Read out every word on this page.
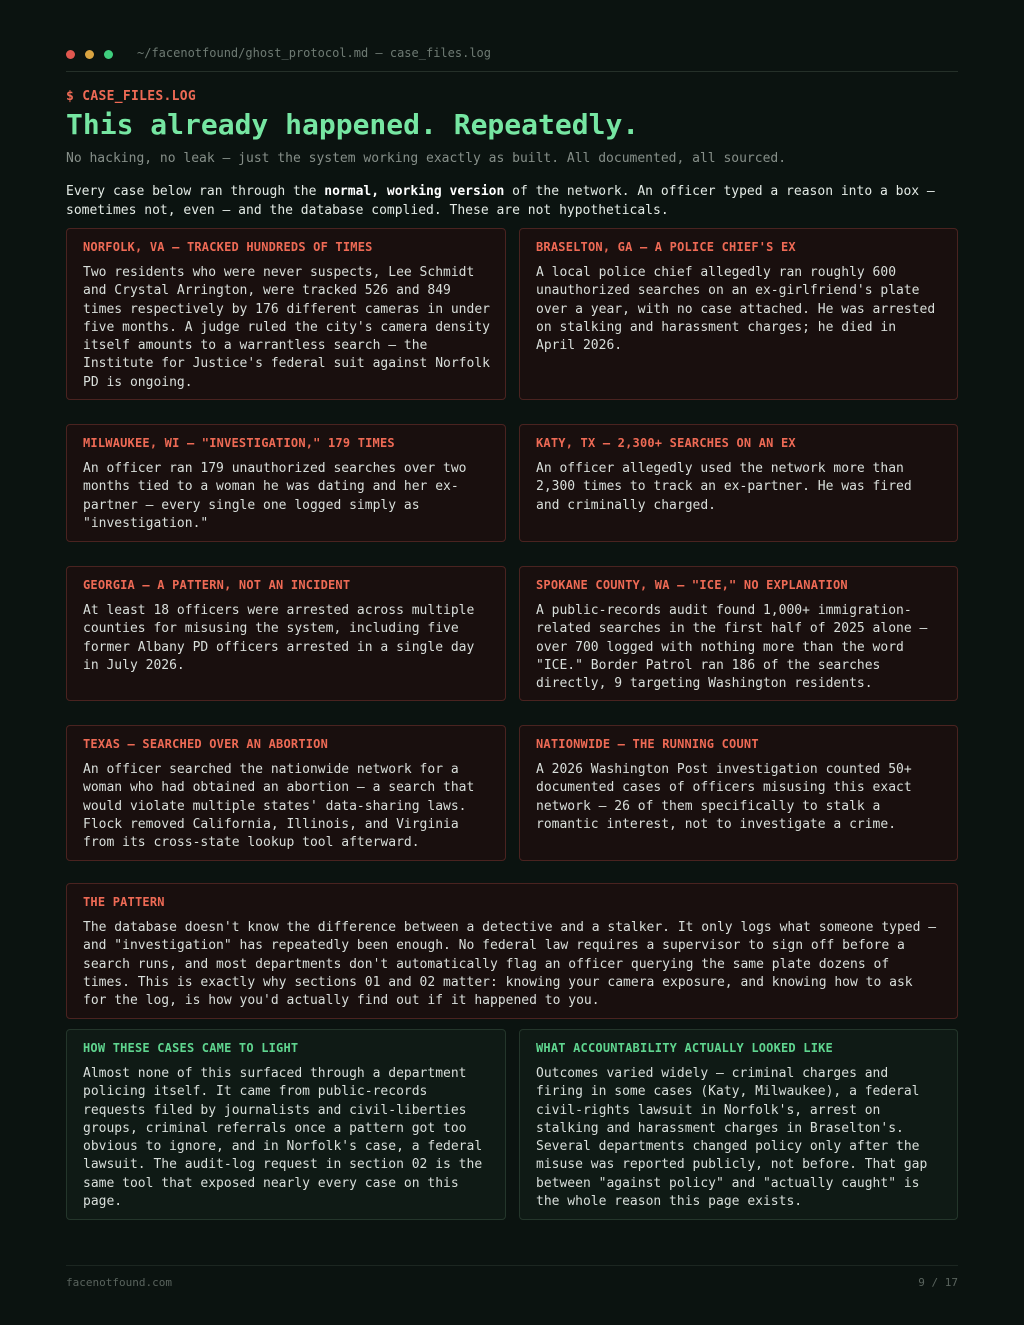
~/facenotfound/ghost_protocol.md — case_files.log
$ CASE_FILES.LOG
This already happened. Repeatedly.
No hacking, no leak — just the system working exactly as built. All documented, all sourced.
Every case below ran through the normal, working version of the network. An officer typed a reason into a box — sometimes not, even — and the database complied. These are not hypotheticals.
NORFOLK, VA — TRACKED HUNDREDS OF TIMES
Two residents who were never suspects, Lee Schmidt and Crystal Arrington, were tracked 526 and 849 times respectively by 176 different cameras in under five months. A judge ruled the city's camera density itself amounts to a warrantless search — the Institute for Justice's federal suit against Norfolk PD is ongoing.
BRASELTON, GA — A POLICE CHIEF'S EX
A local police chief allegedly ran roughly 600 unauthorized searches on an ex-girlfriend's plate over a year, with no case attached. He was arrested on stalking and harassment charges; he died in April 2026.
MILWAUKEE, WI — "INVESTIGATION," 179 TIMES
An officer ran 179 unauthorized searches over two months tied to a woman he was dating and her ex-partner — every single one logged simply as "investigation."
KATY, TX — 2,300+ SEARCHES ON AN EX
An officer allegedly used the network more than 2,300 times to track an ex-partner. He was fired and criminally charged.
GEORGIA — A PATTERN, NOT AN INCIDENT
At least 18 officers were arrested across multiple counties for misusing the system, including five former Albany PD officers arrested in a single day in July 2026.
SPOKANE COUNTY, WA — "ICE," NO EXPLANATION
A public-records audit found 1,000+ immigration-related searches in the first half of 2025 alone — over 700 logged with nothing more than the word "ICE." Border Patrol ran 186 of the searches directly, 9 targeting Washington residents.
TEXAS — SEARCHED OVER AN ABORTION
An officer searched the nationwide network for a woman who had obtained an abortion — a search that would violate multiple states' data-sharing laws. Flock removed California, Illinois, and Virginia from its cross-state lookup tool afterward.
NATIONWIDE — THE RUNNING COUNT
A 2026 Washington Post investigation counted 50+ documented cases of officers misusing this exact network — 26 of them specifically to stalk a romantic interest, not to investigate a crime.
THE PATTERN
The database doesn't know the difference between a detective and a stalker. It only logs what someone typed — and "investigation" has repeatedly been enough. No federal law requires a supervisor to sign off before a search runs, and most departments don't automatically flag an officer querying the same plate dozens of times. This is exactly why sections 01 and 02 matter: knowing your camera exposure, and knowing how to ask for the log, is how you'd actually find out if it happened to you.
HOW THESE CASES CAME TO LIGHT
Almost none of this surfaced through a department policing itself. It came from public-records requests filed by journalists and civil-liberties groups, criminal referrals once a pattern got too obvious to ignore, and in Norfolk's case, a federal lawsuit. The audit-log request in section 02 is the same tool that exposed nearly every case on this page.
WHAT ACCOUNTABILITY ACTUALLY LOOKED LIKE
Outcomes varied widely — criminal charges and firing in some cases (Katy, Milwaukee), a federal civil-rights lawsuit in Norfolk's, arrest on stalking and harassment charges in Braselton's. Several departments changed policy only after the misuse was reported publicly, not before. That gap between "against policy" and "actually caught" is the whole reason this page exists.
facenotfound.com	9 / 17
